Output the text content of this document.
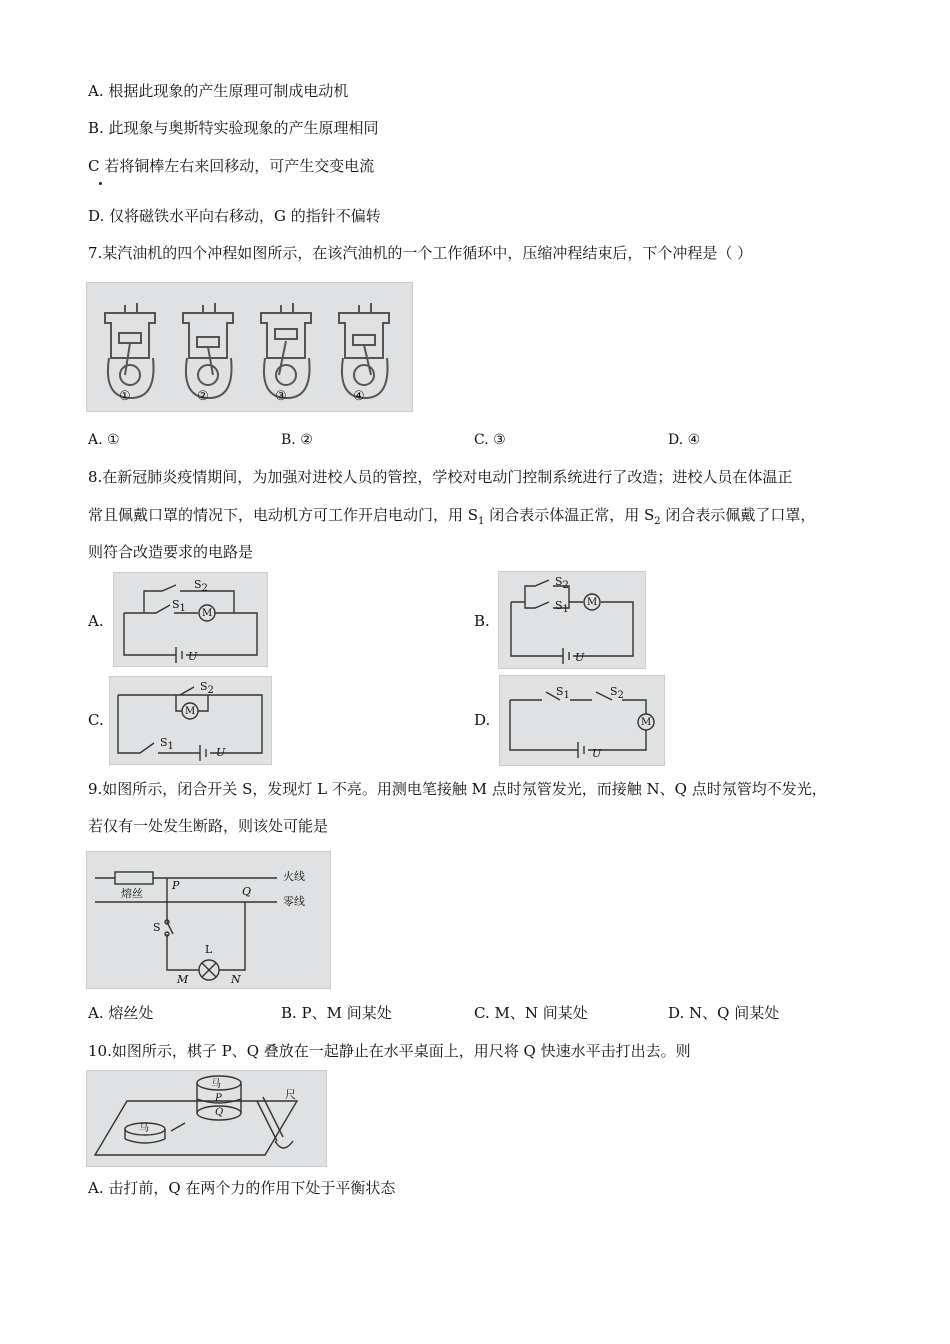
A. 根据此现象的产生原理可制成电动机
B. 此现象与奥斯特实验现象的产生原理相同
C 若将铜棒左右来回移动，可产生交变电流
D. 仅将磁铁水平向右移动，G 的指针不偏转
7.某汽油机的四个冲程如图所示，在该汽油机的一个工作循环中，压缩冲程结束后，下个冲程是（ ）
①	②	③	④
A. ①	B. ②	C. ③	D. ④
8.在新冠肺炎疫情期间，为加强对进校人员的管控，学校对电动门控制系统进行了改造；进校人员在体温正
常且佩戴口罩的情况下，电动机方可工作开启电动门，用 $S_1$ 闭合表示体温正常，用 $S_2$ 闭合表示佩戴了口罩，
则符合改造要求的电路是
A.
$S_2$
$S_1$ M
U
B.
$S_2$
$S_1$
M
U
C.
$S_2$
$S_1$
M
U
D.
$S_1$	$S_2$
M
U
9.如图所示，闭合开关 S，发现灯 L 不亮。用测电笔接触 M 点时氖管发光，而接触 N、Q 点时氖管均不发光，
若仅有一处发生断路，则该处可能是
熔丝
火线
零线
P	Q
S
L
M	N
A. 熔丝处	B. P、M 间某处	C. M、N 间某处	D. N、Q 间某处
10.如图所示，棋子 P、Q 叠放在一起静止在水平桌面上，用尺将 Q 快速水平击打出去。则
马
P
Q
马
尺
A. 击打前，Q 在两个力的作用下处于平衡状态
